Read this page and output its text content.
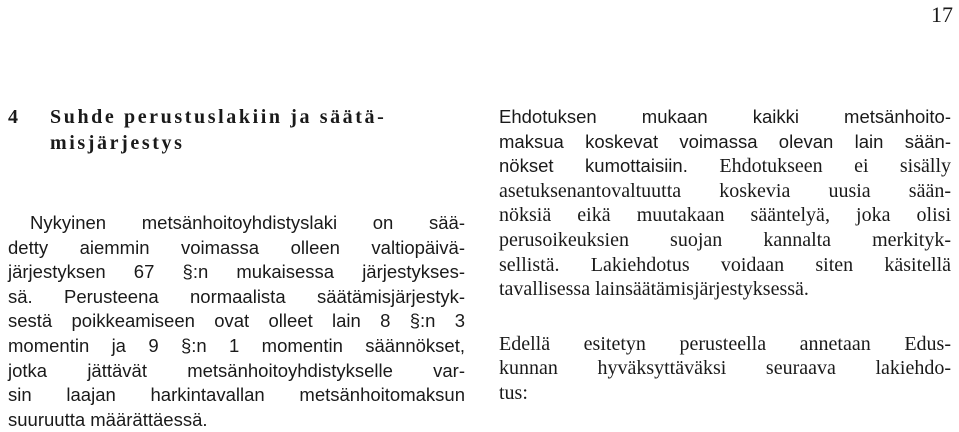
17
4 Suhde perustuslakiin ja säätä-
misjärjestys
Nykyinen metsänhoitoyhdistyslaki on sää-
detty aiemmin voimassa olleen valtiopäivä-
järjestyksen 67 §:n mukaisessa järjestykses-
sä. Perusteena normaalista säätämisjärjestyk-
sestä poikkeamiseen ovat olleet lain 8 §:n 3
momentin ja 9 §:n 1 momentin säännökset,
jotka jättävät metsänhoitoyhdistykselle var-
sin laajan harkintavallan metsänhoitomaksun
suuruutta määrättäessä.
Ehdotuksen mukaan kaikki metsänhoito-
maksua koskevat voimassa olevan lain sään-
nökset kumottaisiin. Ehdotukseen ei sisälly
asetuksenantovaltuutta koskevia uusia sään-
nöksiä eikä muutakaan sääntelyä, joka olisi
perusoikeuksien suojan kannalta merkityk-
sellistä. Lakiehdotus voidaan siten käsitellä
tavallisessa lainsäätämisjärjestyksessä.
Edellä esitetyn perusteella annetaan Edus-
kunnan hyväksyttäväksi seuraava lakiehdo-
tus:
